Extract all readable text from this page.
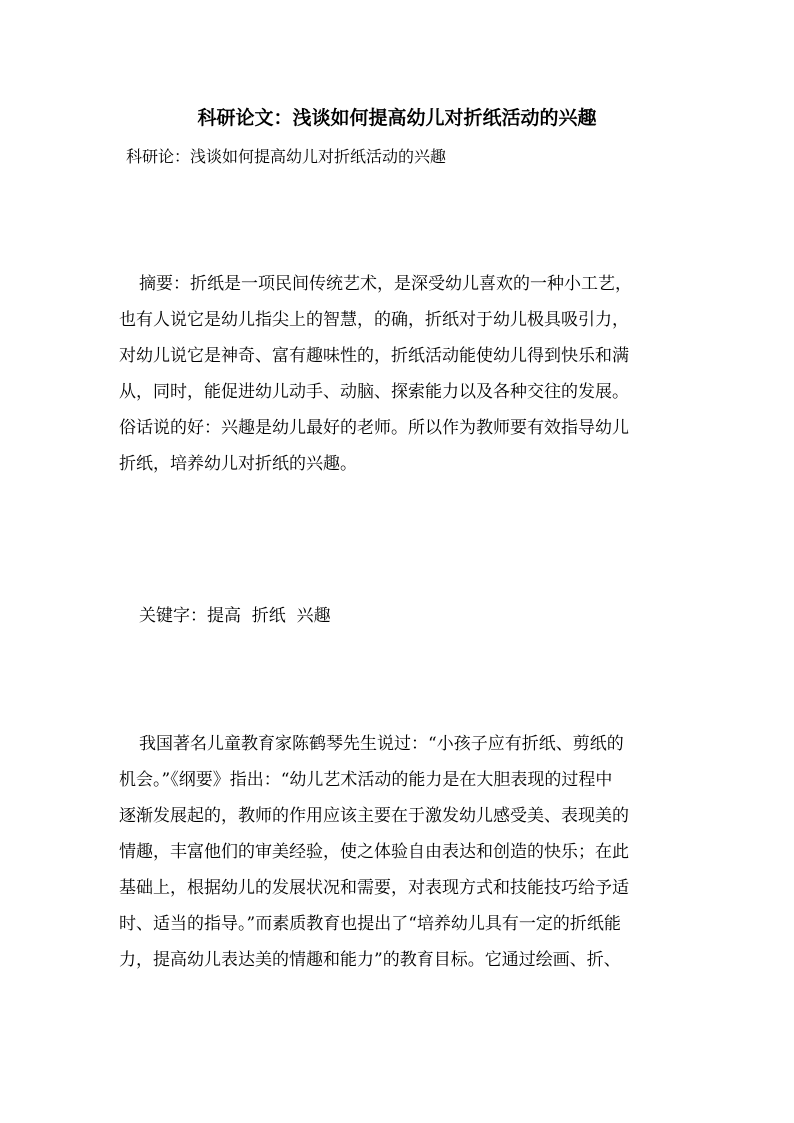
科研论文：浅谈如何提高幼儿对折纸活动的兴趣
科研论：浅谈如何提高幼儿对折纸活动的兴趣
摘要：折纸是一项民间传统艺术，是深受幼儿喜欢的一种小工艺，
也有人说它是幼儿指尖上的智慧，的确，折纸对于幼儿极具吸引力，
对幼儿说它是神奇、富有趣味性的，折纸活动能使幼儿得到快乐和满
从，同时，能促进幼儿动手、动脑、探索能力以及各种交往的发展。
俗话说的好：兴趣是幼儿最好的老师。所以作为教师要有效指导幼儿
折纸，培养幼儿对折纸的兴趣。
关键字：提高  折纸  兴趣
我国著名儿童教育家陈鹤琴先生说过：“小孩子应有折纸、剪纸的
机会。”《纲要》指出：“幼儿艺术活动的能力是在大胆表现的过程中
逐渐发展起的，教师的作用应该主要在于激发幼儿感受美、表现美的
情趣，丰富他们的审美经验，使之体验自由表达和创造的快乐；在此
基础上，根据幼儿的发展状况和需要，对表现方式和技能技巧给予适
时、适当的指导。”而素质教育也提出了“培养幼儿具有一定的折纸能
力，提高幼儿表达美的情趣和能力”的教育目标。它通过绘画、折、
